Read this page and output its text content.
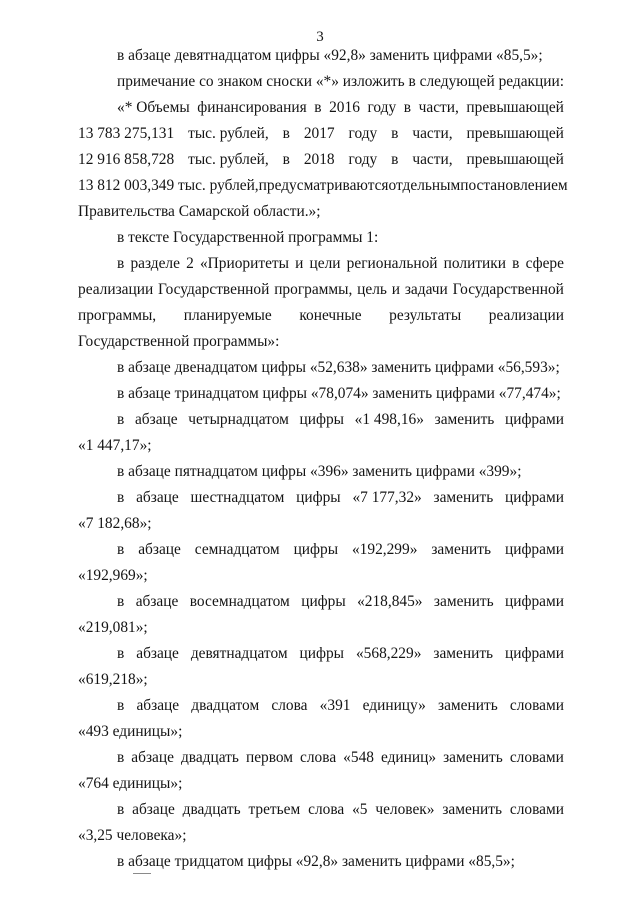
3
в абзаце девятнадцатом цифры «92,8» заменить цифрами «85,5»;
примечание со знаком сноски «*» изложить в следующей редакции:
«* Объемы финансирования в 2016 году в части, превышающей
13 783 275,131 тыс. рублей, в 2017 году в части, превышающей
12 916 858,728 тыс. рублей, в 2018 году в части, превышающей
13 812 003,349 тыс. рублей, предусматриваются отдельным постановлением
Правительства Самарской области.»;
в тексте Государственной программы 1:
в разделе 2 «Приоритеты и цели региональной политики в сфере
реализации Государственной программы, цель и задачи Государственной
программы, планируемые конечные результаты реализации
Государственной программы»:
в абзаце двенадцатом цифры «52,638» заменить цифрами «56,593»;
в абзаце тринадцатом цифры «78,074» заменить цифрами «77,474»;
в абзаце четырнадцатом цифры «1 498,16» заменить цифрами
«1 447,17»;
в абзаце пятнадцатом цифры «396» заменить цифрами «399»;
в абзаце шестнадцатом цифры «7 177,32» заменить цифрами
«7 182,68»;
в абзаце семнадцатом цифры «192,299» заменить цифрами
«192,969»;
в абзаце восемнадцатом цифры «218,845» заменить цифрами
«219,081»;
в абзаце девятнадцатом цифры «568,229» заменить цифрами
«619,218»;
в абзаце двадцатом слова «391 единицу» заменить словами
«493 единицы»;
в абзаце двадцать первом слова «548 единиц» заменить словами
«764 единицы»;
в абзаце двадцать третьем слова «5 человек» заменить словами
«3,25 человека»;
в абзаце тридцатом цифры «92,8» заменить цифрами «85,5»;
